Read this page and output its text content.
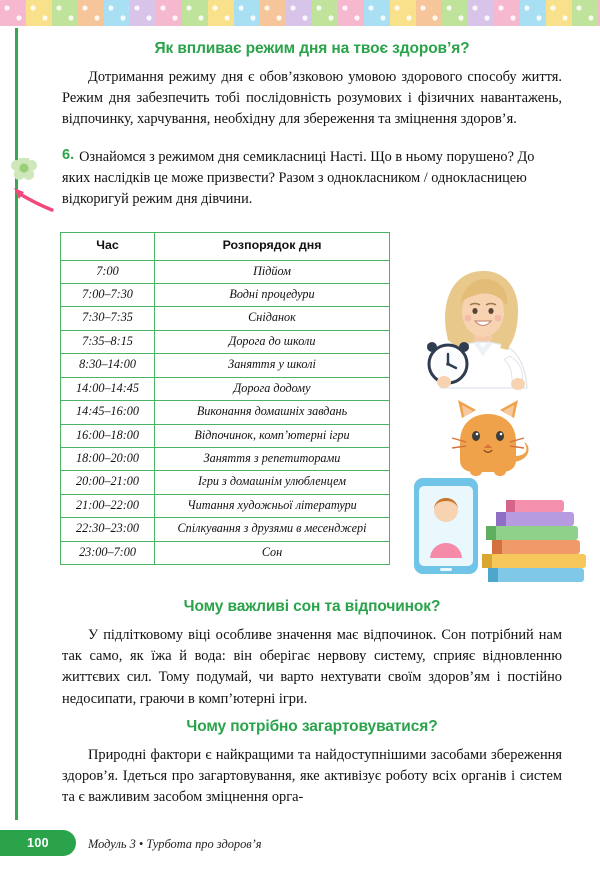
Як впливає режим дня на твоє здоров’я?

Дотримання режиму дня є обов’язковою умовою здорового способу життя. Режим дня забезпечить тобі послідовність розумових і фізичних навантажень, відпочинку, харчування, необхідну для збереження та зміцнення здоров’я.

6. Ознайомся з режимом дня семикласниці Насті. Що в ньому порушено? До яких наслідків це може призвести? Разом з однокласником / однокласницею відкоригуй режим дня дівчини.
Час	Розпорядок дня
7:00	Підйом
7:00–7:30	Водні процедури
7:30–7:35	Сніданок
7:35–8:15	Дорога до школи
8:30–14:00	Заняття у школі
14:00–14:45	Дорога додому
14:45–16:00	Виконання домашніх завдань
16:00–18:00	Відпочинок, комп’ютерні ігри
18:00–20:00	Заняття з репетиторами
20:00–21:00	Ігри з домашнім улюбленцем
21:00–22:00	Читання художньої літератури
22:30–23:00	Спілкування з друзями в месенджері
23:00–7:00	Сон
Чому важливі сон та відпочинок?

У підлітковому віці особливе значення має відпочинок. Сон потрібний нам так само, як їжа й вода: він оберігає нервову систему, сприяє відновленню життєвих сил. Тому подумай, чи варто нехтувати своїм здоров’ям і постійно недосипати, граючи в комп’ютерні ігри.

Чому потрібно загартовуватися?

Природні фактори є найкращими та найдоступнішими засобами збереження здоров’я. Ідеться про загартовування, яке активізує роботу всіх органів і систем та є важливим засобом зміцнення орга-

100	Модуль 3 • Турбота про здоров’я
